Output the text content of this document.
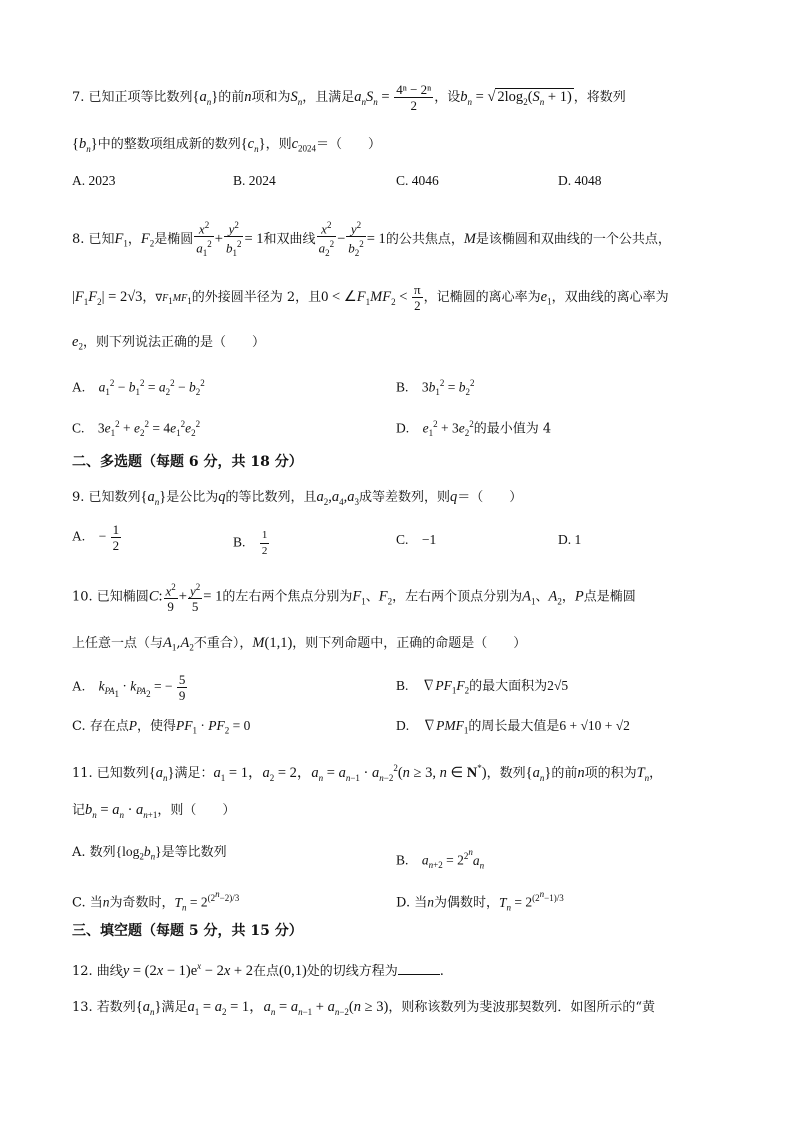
7. 已知正项等比数列$\{a_n\}$的前n项和为$S_n$，且满足$a_nS_n = \frac{\text{4ⁿ − 2ⁿ}}{2}$ ，设$b_n$ = √ $2\log_2(S_n + 1)$ ，将数列
$\{b_n\}$中的整数项组成新的数列$\{c_n\}$，则$c_{2024}=$（　　）
A. 2023	B. 2024	C. 4046	D. 4048
8. 已知$F_1$，$F_2$是椭圆 $\frac{x^2}{a_1^2} + \frac{y^2}{b_1^2} = 1$和双曲线 $\frac{x^2}{a_2^2} - \frac{y^2}{b_2^2} = 1$的公共焦点，M是该椭圆和双曲线的一个公共点，
$|F_1F_2| = 2√3$，$\nabla F_1MF_1$的外接圆半径为 2，且$0 < \angle F_1MF_2 < \frac{\pi}{2}$ ，记椭圆的离心率为$e_1$，双曲线的离心率为
$e_2$，则下列说法正确的是（　　）
A.　$a_1^2 - b_1^2 = a_2^2 - b_2^2$	B.　$3b_1^2 = b_2^2$
C.　$3e_1^2 + e_2^2 = 4e_1^2e_2^2$	D.　$e_1^2 + 3e_2^2$的最小值为 4
二、多选题（每题 6 分，共 18 分）
9. 已知数列$\{a_n\}$是公比为q的等比数列，且$a_2,a_4,a_3$成等差数列，则q＝（　　）
A.　− $\frac{1}{2}$	B.　 $\frac{1}{2}$	C.　−1	D. 1
10. 已知椭圆C: $\frac{x^2}{9} + \frac{y^2}{5} = 1$的左右两个焦点分别为$F_1$、$F_2$，左右两个顶点分别为$A_1$、$A_2$，P点是椭圆
上任意一点（与$A_1,A_2$不重合），M(1,1)，则下列命题中，正确的命题是（　　）
A.　$k_{PA_1} \cdot k_{PA_2}$ = − $\frac{5}{9}$	B.　$\nabla PF_1F_2$的最大面积为2√5
C. 存在点P，使得$PF_1 \cdot PF_2 = 0$	D.　$\nabla PMF_1$的周长最大值是6 + √10 + √2
11. 已知数列$\{a_n\}$满足：$a_1 = 1$，$a_2 = 2$，$a_n = a_{n-1} \cdot a_{n-2}^2(n \ge 3$, n ∈ N*)，数列$\{a_n\}$的前n项的积为$T_n$，
记$b_n = a_n \cdot a_{n+1}$，则（　　）
A. 数列$\{\log_2b_n\}$是等比数列	B.　$a_{n+2} = 2^{2^n}a_n$
C. 当n为奇数时，$T_n = 2^{(2^n-2)/3}$	D. 当n为偶数时，$T_n = 2^{(2^n-1)/3}$
三、填空题（每题 5 分，共 15 分）
12. 曲线$y = (2x - 1)e^x - 2x + 2$在点(0,1)处的切线方程为	.
13. 若数列$\{a_n\}$满足$a_1 = a_2 = 1$，$a_n = a_{n-1} + a_{n-2}(n \ge 3)$，则称该数列为斐波那契数列．如图所示的“黄
